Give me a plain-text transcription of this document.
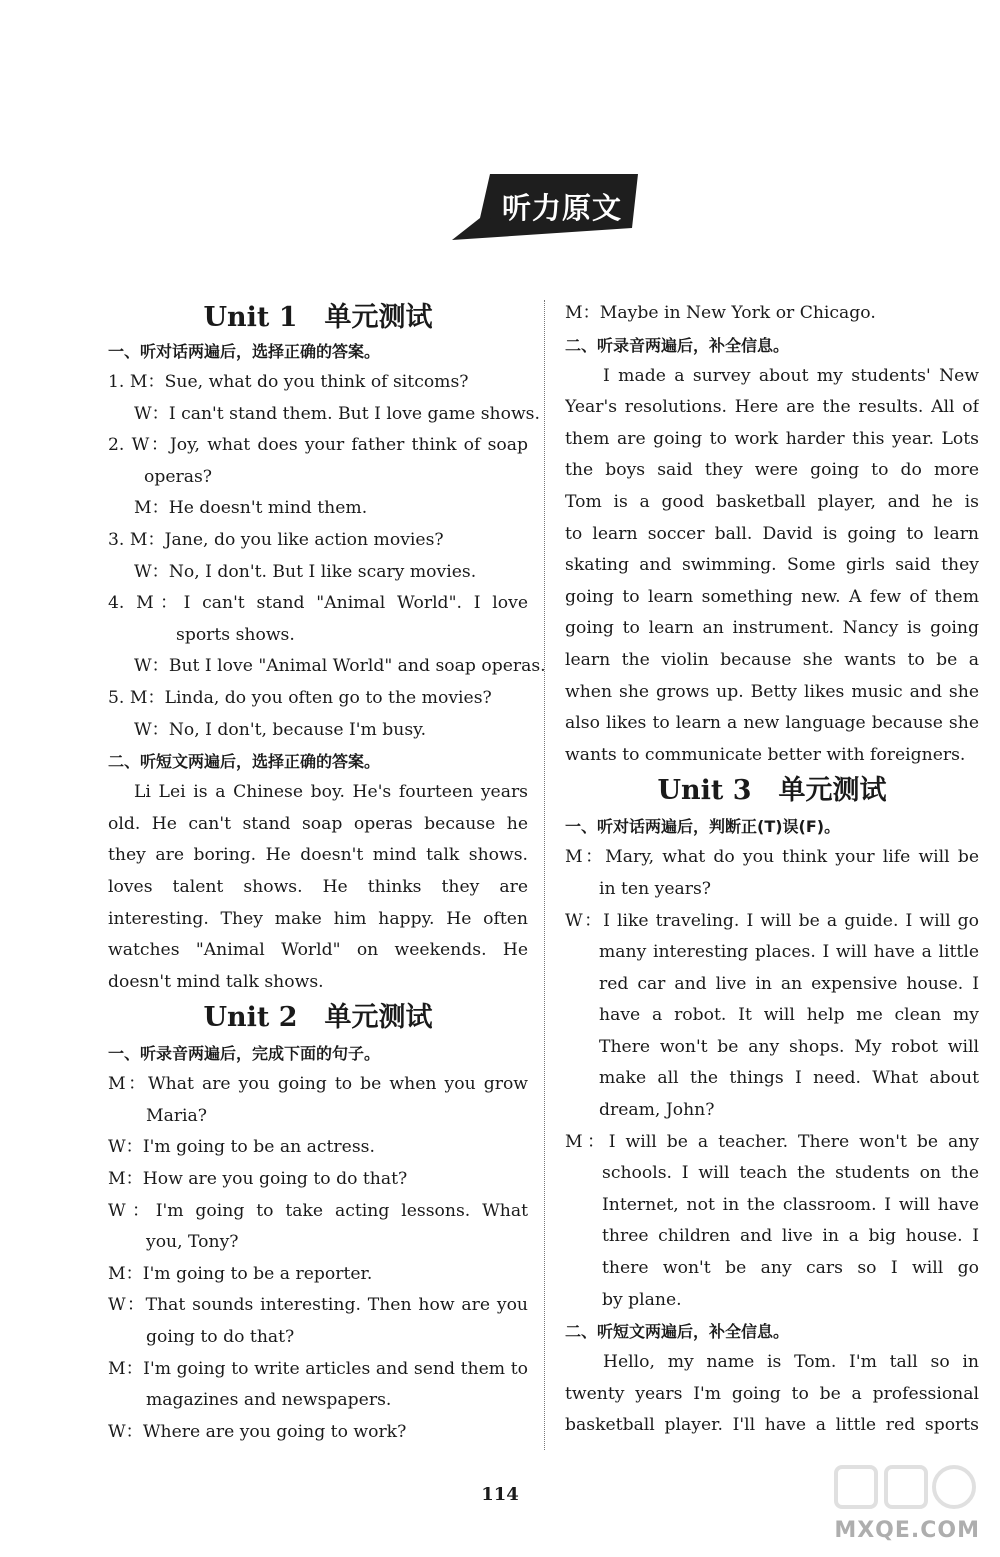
听力原文
Unit 1　单元测试
一、听对话两遍后，选择正确的答案。
1. M：Sue, what do you think of sitcoms?
W：I can't stand them. But I love game shows.
2. W：Joy, what does your father think of soap
operas?
M：He doesn't mind them.
3. M：Jane, do you like action movies?
W：No, I don't. But I like scary movies.
4. M：I can't stand "Animal World". I love
sports shows.
W：But I love "Animal World" and soap operas.
5. M：Linda, do you often go to the movies?
W：No, I don't, because I'm busy.
二、听短文两遍后，选择正确的答案。
Li Lei is a Chinese boy. He's fourteen years
old. He can't stand soap operas because he
they are boring. He doesn't mind talk shows.
loves talent shows. He thinks they are
interesting. They make him happy. He often
watches "Animal World" on weekends. He
doesn't mind talk shows.
Unit 2　单元测试
一、听录音两遍后，完成下面的句子。
M：What are you going to be when you grow
Maria?
W：I'm going to be an actress.
M：How are you going to do that?
W：I'm going to take acting lessons. What
you, Tony?
M：I'm going to be a reporter.
W：That sounds interesting. Then how are you
going to do that?
M：I'm going to write articles and send them to
magazines and newspapers.
W：Where are you going to work?
M：Maybe in New York or Chicago.
二、听录音两遍后，补全信息。
I made a survey about my students' New
Year's resolutions. Here are the results. All of
them are going to work harder this year. Lots
the boys said they were going to do more
Tom is a good basketball player, and he is
to learn soccer ball. David is going to learn
skating and swimming. Some girls said they
going to learn something new. A few of them
going to learn an instrument. Nancy is going
learn the violin because she wants to be a
when she grows up. Betty likes music and she
also likes to learn a new language because she
wants to communicate better with foreigners.
Unit 3　单元测试
一、听对话两遍后，判断正(T)误(F)。
M：Mary, what do you think your life will be
in ten years?
W：I like traveling. I will be a guide. I will go
many interesting places. I will have a little
red car and live in an expensive house. I
have a robot. It will help me clean my
There won't be any shops. My robot will
make all the things I need. What about
dream, John?
M：I will be a teacher. There won't be any
schools. I will teach the students on the
Internet, not in the classroom. I will have
three children and live in a big house. I
there won't be any cars so I will go
by plane.
二、听短文两遍后，补全信息。
Hello, my name is Tom. I'm tall so in
twenty years I'm going to be a professional
basketball player. I'll have a little red sports
114
MXQE.COM
